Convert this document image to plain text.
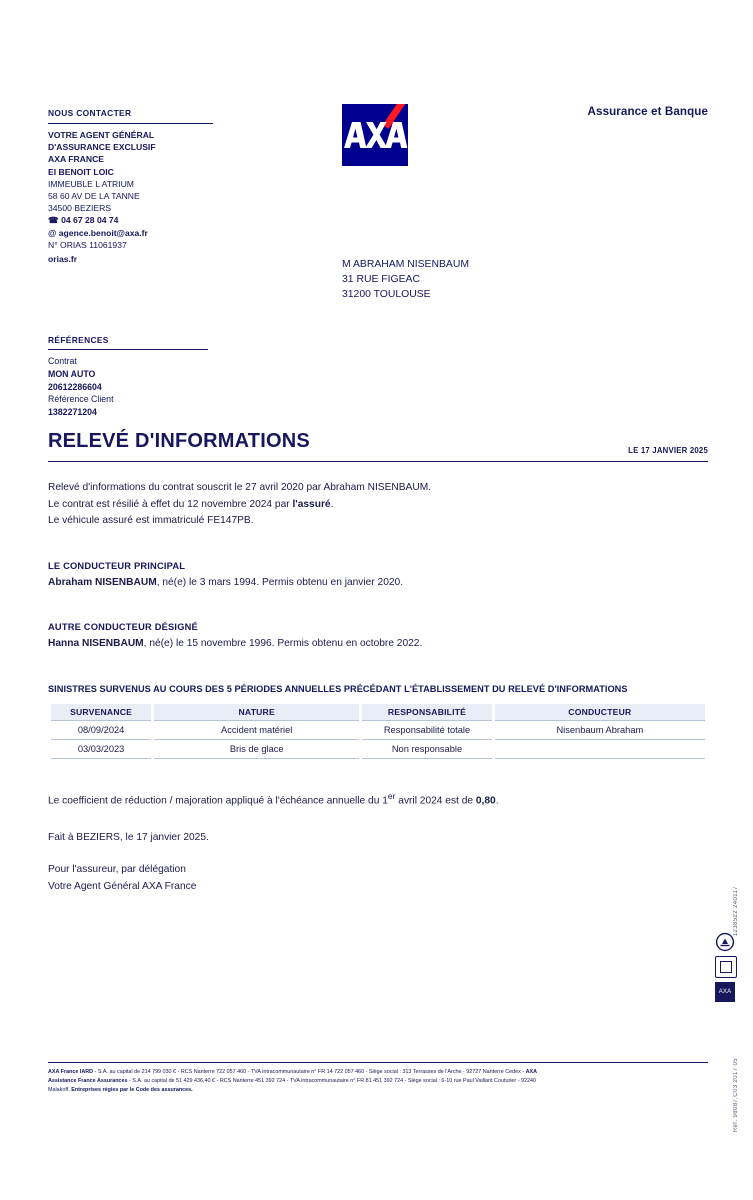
NOUS CONTACTER
VOTRE AGENT GÉNÉRAL
D'ASSURANCE EXCLUSIF
AXA FRANCE
EI BENOIT LOIC
IMMEUBLE L ATRIUM
58 60 AV DE LA TANNE
34500 BEZIERS
☎ 04 67 28 04 74
@ agence.benoit@axa.fr
N° ORIAS 11061937
orias.fr
Assurance et Banque
M ABRAHAM NISENBAUM
31 RUE FIGEAC
31200 TOULOUSE
RÉFÉRENCES
Contrat
MON AUTO
20612286604
Référence Client
1382271204
RELEVÉ D'INFORMATIONS	LE 17 JANVIER 2025
Relevé d'informations du contrat souscrit le 27 avril 2020 par Abraham NISENBAUM.
Le contrat est résilié à effet du 12 novembre 2024 par l'assuré.
Le véhicule assuré est immatriculé FE147PB.
LE CONDUCTEUR PRINCIPAL
Abraham NISENBAUM, né(e) le 3 mars 1994. Permis obtenu en janvier 2020.
AUTRE CONDUCTEUR DÉSIGNÉ
Hanna NISENBAUM, né(e) le 15 novembre 1996. Permis obtenu en octobre 2022.
SINISTRES SURVENUS AU COURS DES 5 PÉRIODES ANNUELLES PRÉCÉDANT L'ÉTABLISSEMENT DU RELEVÉ D'INFORMATIONS
SURVENANCE	NATURE	RESPONSABILITÉ	CONDUCTEUR
08/09/2024	Accident matériel	Responsabilité totale	Nisenbaum Abraham
03/03/2023	Bris de glace	Non responsable	
Le coefficient de réduction / majoration appliqué à l'échéance annuelle du 1er avril 2024 est de 0,80.
Fait à BEZIERS, le 17 janvier 2025.
Pour l'assureur, par délégation
Votre Agent Général AXA France	1238522 240117
Réf. 98087.C03 2017 05
AXA
AXA France IARD - S.A. au capital de 214 799 030 € - RCS Nanterre 722 057 460 - TVA intracommunautaire n° FR 14 722 057 460 - Siège social : 313 Terrasses de l'Arche - 92727 Nanterre Cedex - AXA
Assistance France Assurances - S.A. au capital de 51 429 436,40 € - RCS Nanterre 451 392 724 - TVA intracommunautaire n° FR 81 451 392 724 - Siège social : 6-10 rue Paul Vaillant Couturier - 92240
Malakoff. Entreprises régies par le Code des assurances.
